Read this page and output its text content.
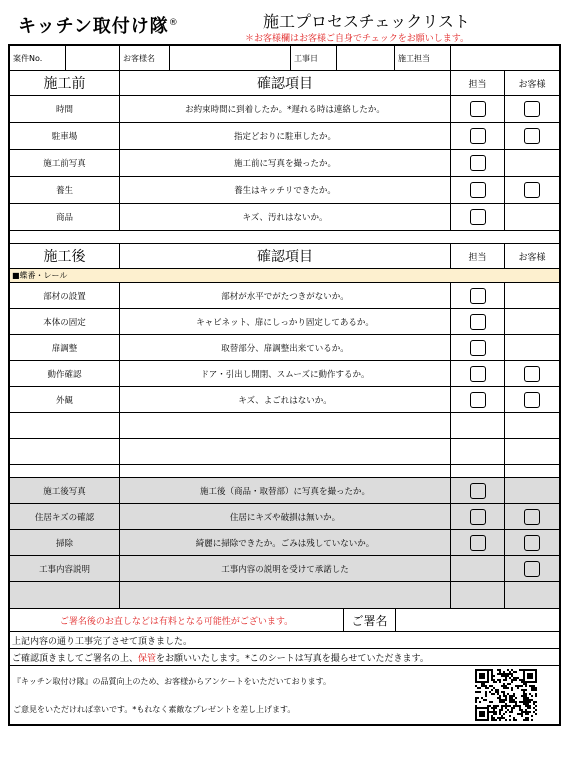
キッチン取付け隊®	施工プロセスチェックリスト
＊お客様欄はお客様ご自身でチェックをお願いします。
案件No.	お客様名	工事日	施工担当
施工前	確認項目	担当	お客様
時間	お約束時間に到着したか。*遅れる時は連絡したか。
駐車場	指定どおりに駐車したか。
施工前写真	施工前に写真を撮ったか。
養生	養生はキッチリできたか。
商品	キズ、汚れはないか。
施工後	確認項目	担当	お客様
■蝶番・レール
部材の設置	部材が水平でがたつきがないか。
本体の固定	キャビネット、扉にしっかり固定してあるか。
扉調整	取替部分、扉調整出来ているか。
動作確認	ドア・引出し開閉、スムーズに動作するか。
外観	キズ、よごれはないか。
施工後写真	施工後（商品・取替部）に写真を撮ったか。
住居キズの確認	住居にキズや破損は無いか。
掃除	綺麗に掃除できたか。ごみは残していないか。
工事内容説明	工事内容の説明を受けて承諾した
ご署名後のお直しなどは有料となる可能性がございます。	ご署名
上記内容の通り工事完了させて頂きました。
ご確認頂きましてご署名の上、 保管 をお願いいたします。*このシートは写真を撮らせていただきます。
『キッチン取付け隊』の品質向上のため、お客様からアンケートをいただいております。
ご意見をいただければ幸いです。*もれなく素敵なプレゼントを差し上げます。
